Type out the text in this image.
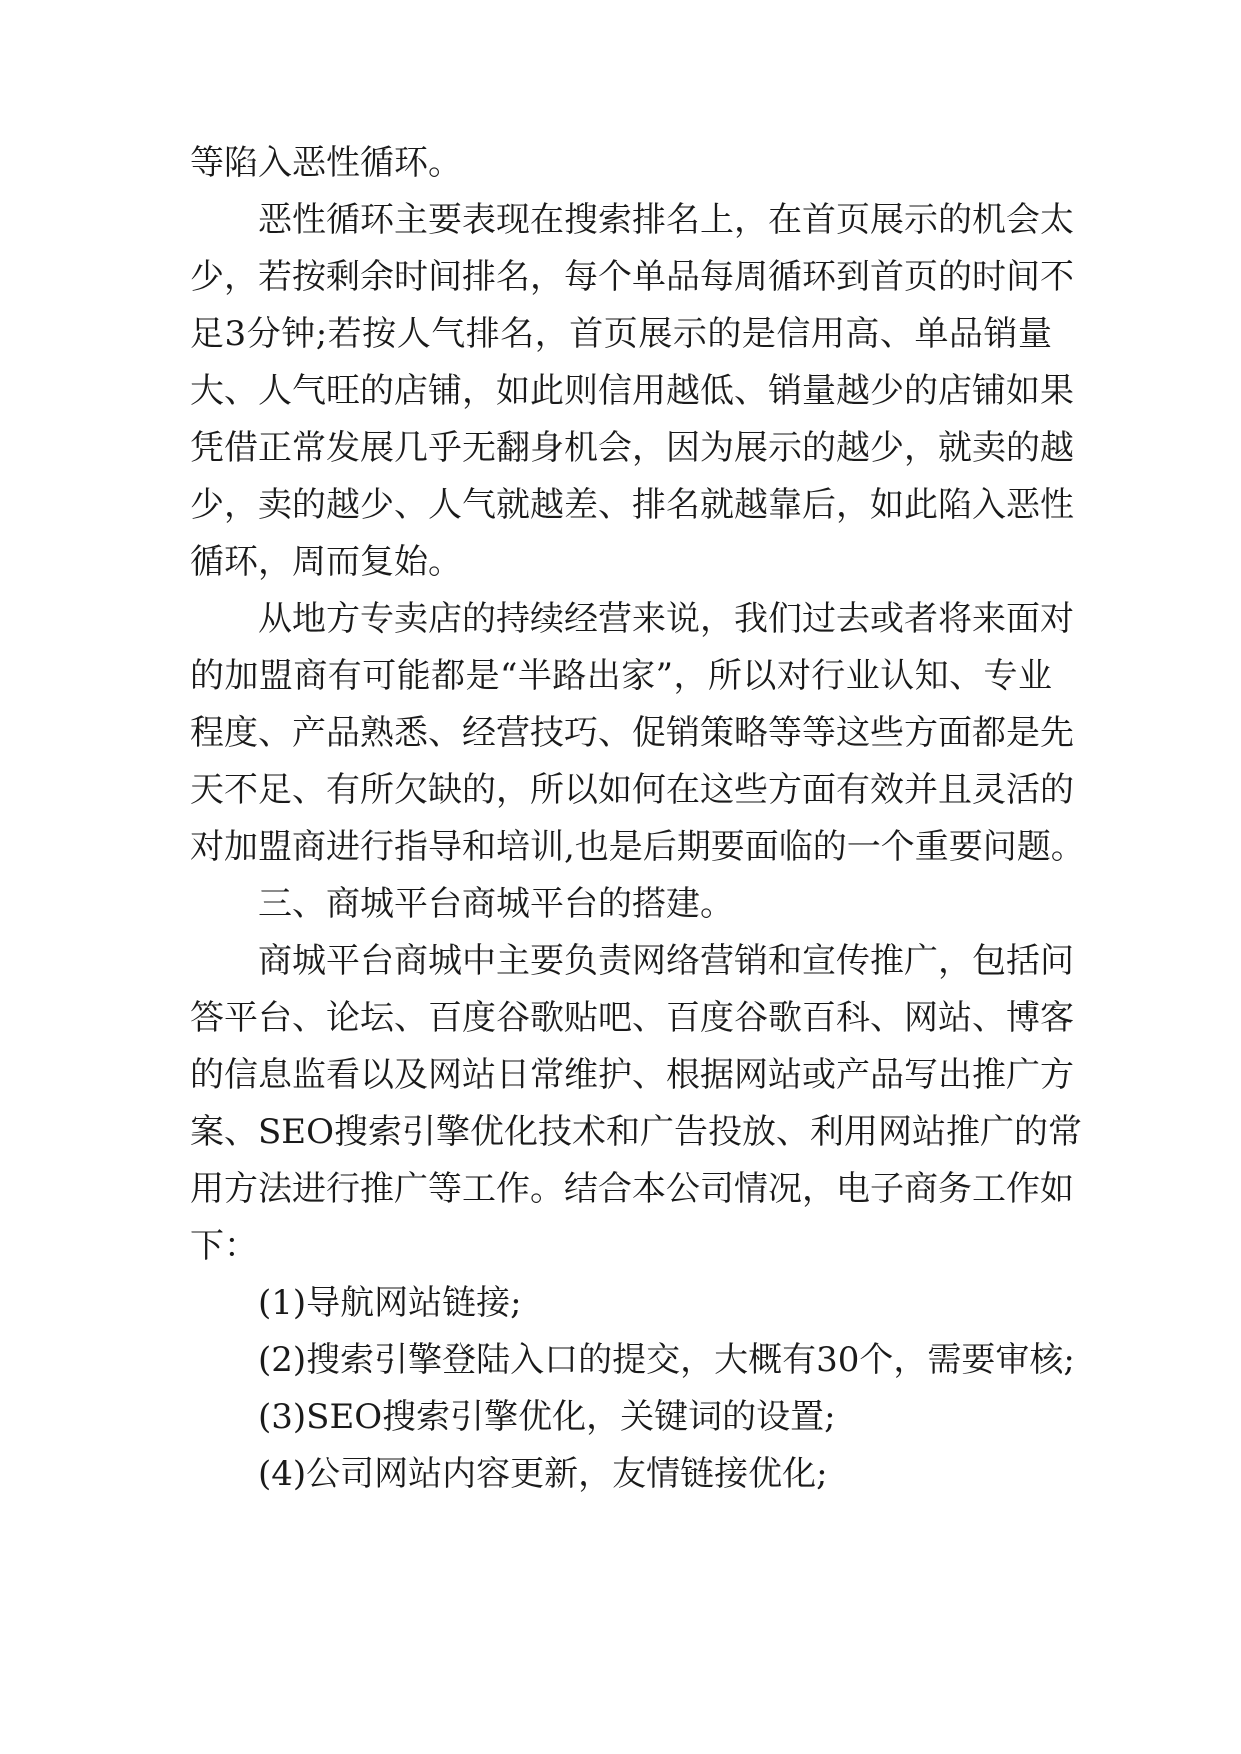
等陷入恶性循环。
恶性循环主要表现在搜索排名上，在首页展示的机会太
少，若按剩余时间排名，每个单品每周循环到首页的时间不
足3分钟;若按人气排名，首页展示的是信用高、单品销量
大、人气旺的店铺，如此则信用越低、销量越少的店铺如果
凭借正常发展几乎无翻身机会，因为展示的越少，就卖的越
少，卖的越少、人气就越差、排名就越靠后，如此陷入恶性
循环，周而复始。
从地方专卖店的持续经营来说，我们过去或者将来面对
的加盟商有可能都是“半路出家”，所以对行业认知、专业
程度、产品熟悉、经营技巧、促销策略等等这些方面都是先
天不足、有所欠缺的，所以如何在这些方面有效并且灵活的
对加盟商进行指导和培训,也是后期要面临的一个重要问题。
三、商城平台商城平台的搭建。
商城平台商城中主要负责网络营销和宣传推广，包括问
答平台、论坛、百度谷歌贴吧、百度谷歌百科、网站、博客
的信息监看以及网站日常维护、根据网站或产品写出推广方
案、SEO搜索引擎优化技术和广告投放、利用网站推广的常
用方法进行推广等工作。结合本公司情况，电子商务工作如
下：
(1)导航网站链接;
(2)搜索引擎登陆入口的提交，大概有30个，需要审核;
(3)SEO搜索引擎优化，关键词的设置;
(4)公司网站内容更新，友情链接优化;
